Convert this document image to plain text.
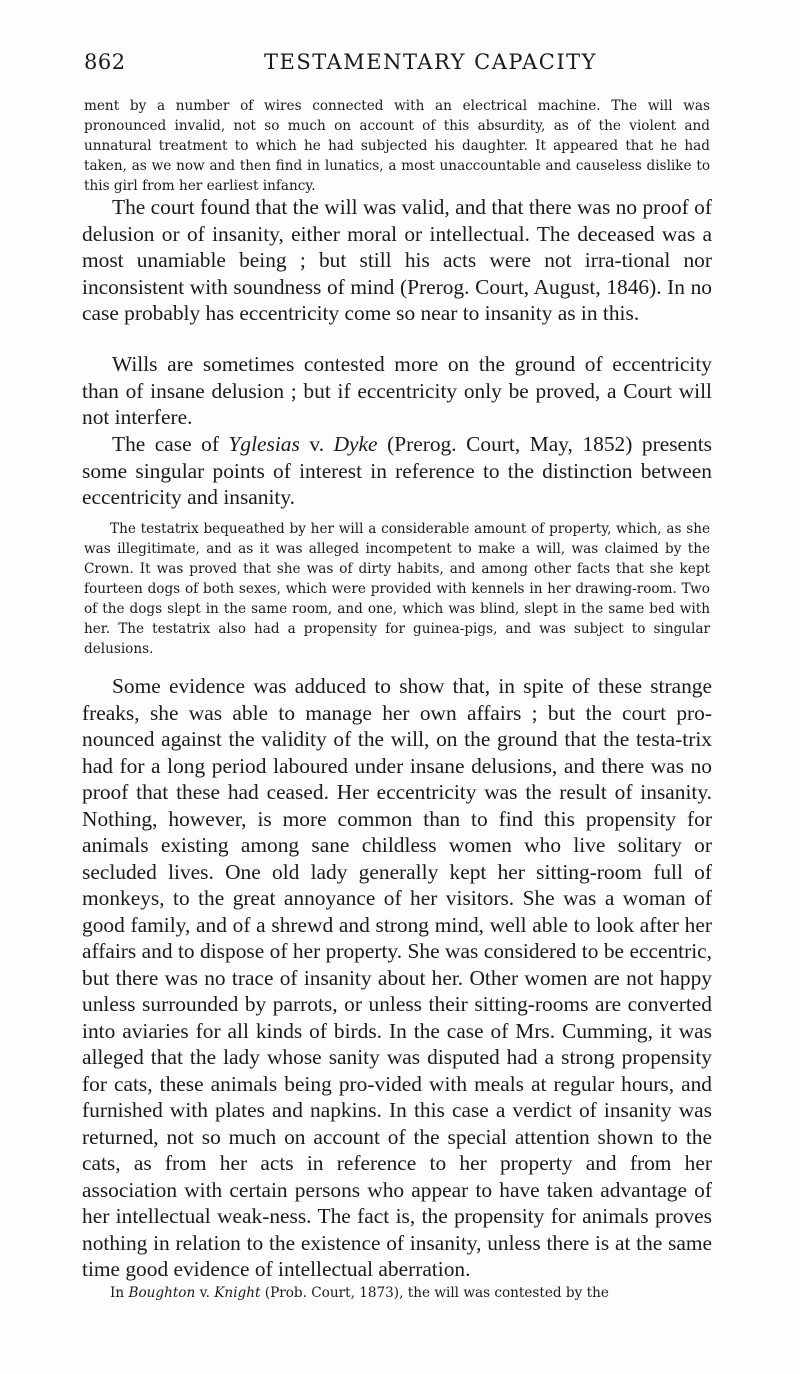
862	TESTAMENTARY CAPACITY

ment by a number of wires connected with an electrical machine. The will was pronounced invalid, not so much on account of this absurdity, as of the violent and unnatural treatment to which he had subjected his daughter. It appeared that he had taken, as we now and then find in lunatics, a most unaccountable and causeless dislike to this girl from her earliest infancy.

The court found that the will was valid, and that there was no proof of delusion or of insanity, either moral or intellectual. The deceased was a most unamiable being ; but still his acts were not irra-tional nor inconsistent with soundness of mind (Prerog. Court, August, 1846). In no case probably has eccentricity come so near to insanity as in this.

Wills are sometimes contested more on the ground of eccentricity than of insane delusion ; but if eccentricity only be proved, a Court will not interfere.

The case of Yglesias v. Dyke (Prerog. Court, May, 1852) presents some singular points of interest in reference to the distinction between eccentricity and insanity.

The testatrix bequeathed by her will a considerable amount of property, which, as she was illegitimate, and as it was alleged incompetent to make a will, was claimed by the Crown. It was proved that she was of dirty habits, and among other facts that she kept fourteen dogs of both sexes, which were provided with kennels in her drawing-room. Two of the dogs slept in the same room, and one, which was blind, slept in the same bed with her. The testatrix also had a propensity for guinea-pigs, and was subject to singular delusions.

Some evidence was adduced to show that, in spite of these strange freaks, she was able to manage her own affairs ; but the court pro-nounced against the validity of the will, on the ground that the testa-trix had for a long period laboured under insane delusions, and there was no proof that these had ceased. Her eccentricity was the result of insanity. Nothing, however, is more common than to find this propensity for animals existing among sane childless women who live solitary or secluded lives. One old lady generally kept her sitting-room full of monkeys, to the great annoyance of her visitors. She was a woman of good family, and of a shrewd and strong mind, well able to look after her affairs and to dispose of her property. She was considered to be eccentric, but there was no trace of insanity about her. Other women are not happy unless surrounded by parrots, or unless their sitting-rooms are converted into aviaries for all kinds of birds. In the case of Mrs. Cumming, it was alleged that the lady whose sanity was disputed had a strong propensity for cats, these animals being pro-vided with meals at regular hours, and furnished with plates and napkins. In this case a verdict of insanity was returned, not so much on account of the special attention shown to the cats, as from her acts in reference to her property and from her association with certain persons who appear to have taken advantage of her intellectual weak-ness. The fact is, the propensity for animals proves nothing in relation to the existence of insanity, unless there is at the same time good evidence of intellectual aberration.

In Boughton v. Knight (Prob. Court, 1873), the will was contested by the
